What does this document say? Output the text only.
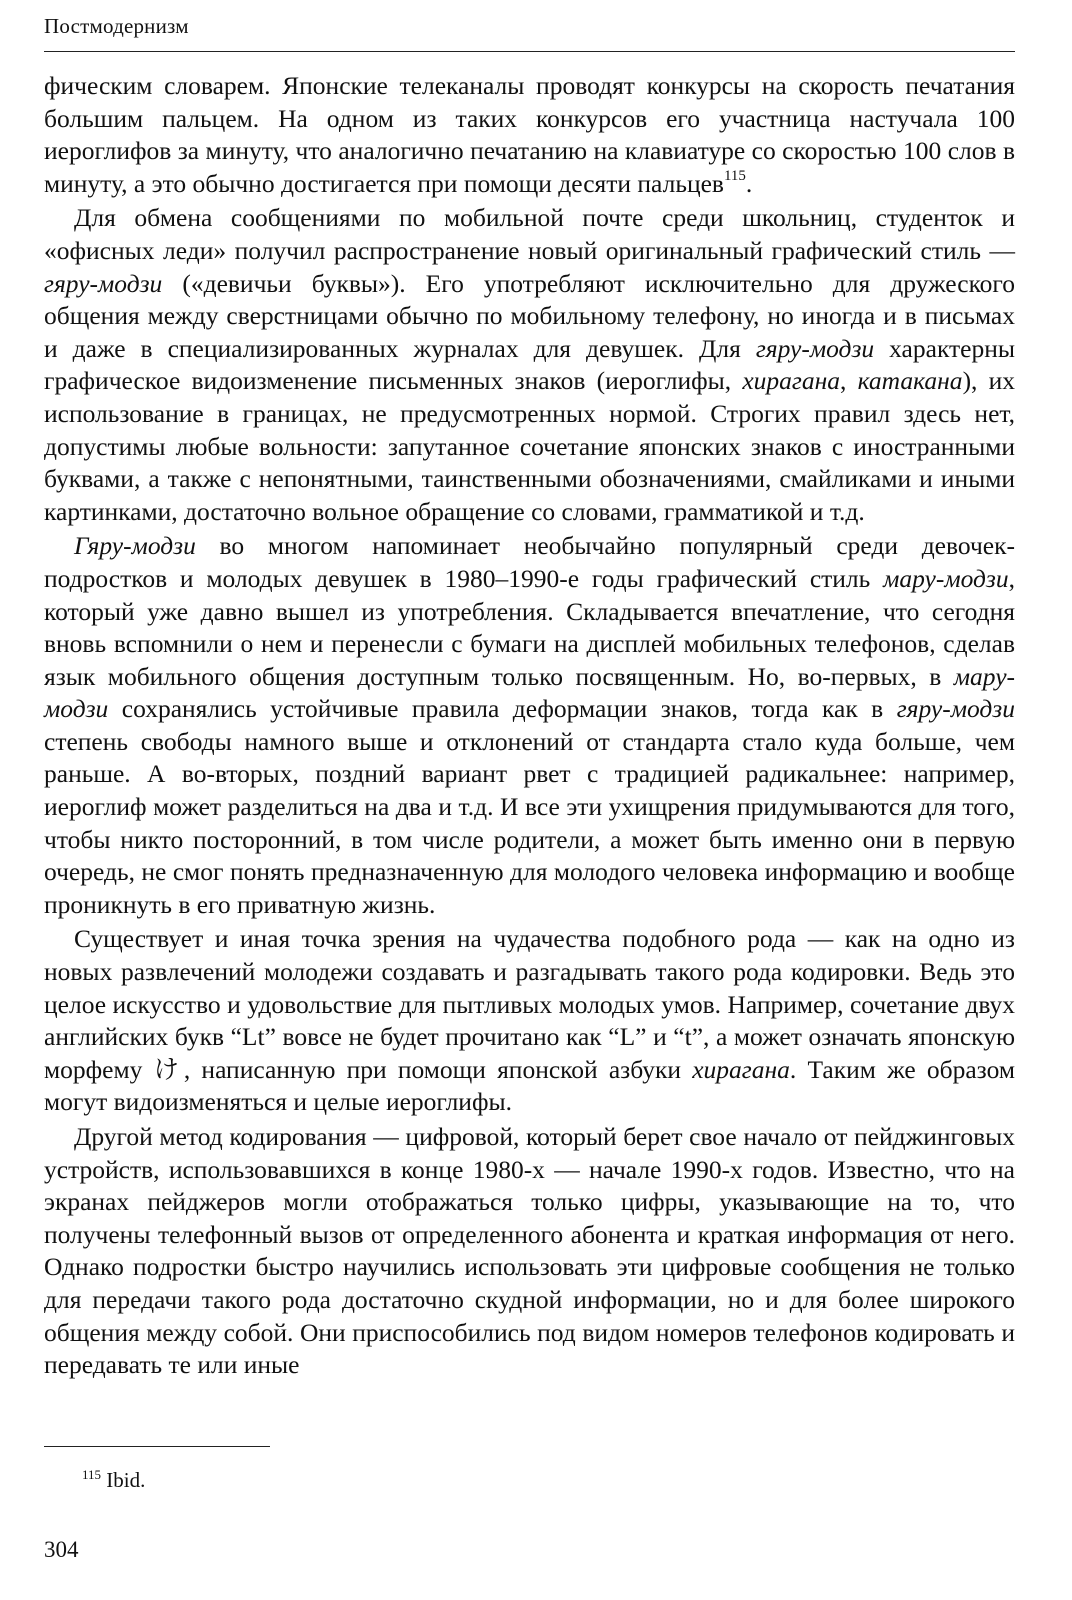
Постмодернизм

фическим словарем. Японские телеканалы проводят конкурсы на скорость печатания большим пальцем. На одном из таких конкурсов его участница настучала 100 иероглифов за минуту, что аналогично печатанию на клавиатуре со скоростью 100 слов в минуту, а это обычно достигается при помощи десяти пальцев$^{115}$.

Для обмена сообщениями по мобильной почте среди школьниц, студенток и «офисных леди» получил распространение новый оригинальный графический стиль — гяру-модзи («девичьи буквы»). Его употребляют исключительно для дружеского общения между сверстницами обычно по мобильному телефону, но иногда и в письмах и даже в специализированных журналах для девушек. Для гяру-модзи характерны графическое видоизменение письменных знаков (иероглифы, хирагана, катакана), их использование в границах, не предусмотренных нормой. Строгих правил здесь нет, допустимы любые вольности: запутанное сочетание японских знаков с иностранными буквами, а также с непонятными, таинственными обозначениями, смайликами и иными картинками, достаточно вольное обращение со словами, грамматикой и т.д.

Гяру-модзи во многом напоминает необычайно популярный среди девочек-подростков и молодых девушек в 1980–1990-е годы графический стиль мару-модзи, который уже давно вышел из употребления. Складывается впечатление, что сегодня вновь вспомнили о нем и перенесли с бумаги на дисплей мобильных телефонов, сделав язык мобильного общения доступным только посвященным. Но, во-первых, в мару-модзи сохранялись устойчивые правила деформации знаков, тогда как в гяру-модзи степень свободы намного выше и отклонений от стандарта стало куда больше, чем раньше. А во-вторых, поздний вариант рвет с традицией радикальнее: например, иероглиф может разделиться на два и т.д. И все эти ухищрения придумываются для того, чтобы никто посторонний, в том числе родители, а может быть именно они в первую очередь, не смог понять предназначенную для молодого человека информацию и вообще проникнуть в его приватную жизнь.

Существует и иная точка зрения на чудачества подобного рода — как на одно из новых развлечений молодежи создавать и разгадывать такого рода кодировки. Ведь это целое искусство и удовольствие для пытливых молодых умов. Например, сочетание двух английских букв “Lt” вовсе не будет прочитано как “L” и “t”, а может означать японскую морфему け, написанную при помощи японской азбуки хирагана. Таким же образом могут видоизменяться и целые иероглифы.

Другой метод кодирования — цифровой, который берет свое начало от пейджинговых устройств, использовавшихся в конце 1980-х — начале 1990-х годов. Известно, что на экранах пейджеров могли отображаться только цифры, указывающие на то, что получены телефонный вызов от определенного абонента и краткая информация от него. Однако подростки быстро научились использовать эти цифровые сообщения не только для передачи такого рода достаточно скудной информации, но и для более широкого общения между собой. Они приспособились под видом номеров телефонов кодировать и передавать те или иные

$^{115}$ Ibid.
304
